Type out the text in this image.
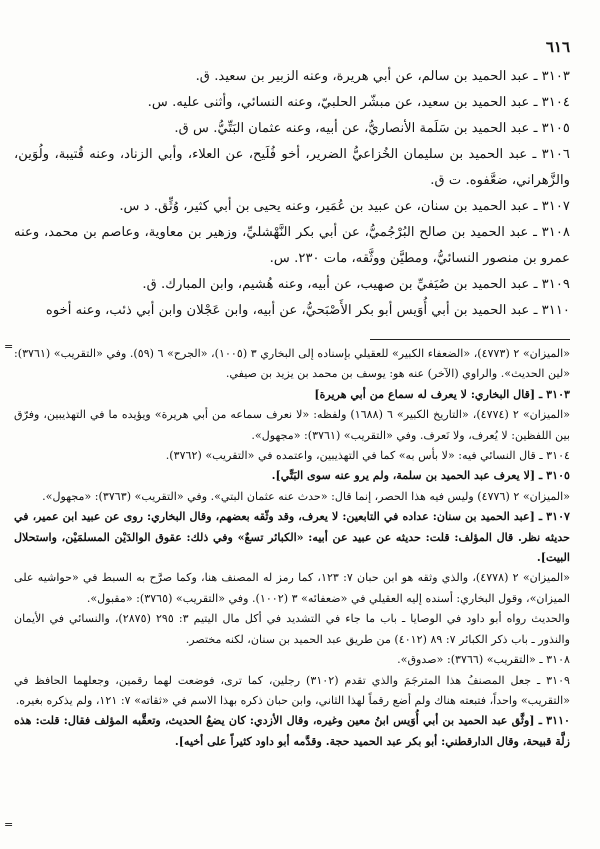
٦١٦

٣١٠٣ ـ عبد الحميد بن سالم، عن أبي هريرة، وعنه الزبير بن سعيد. ق.

٣١٠٤ ـ عبد الحميد بن سعيد، عن مبشّر الحلبيّ، وعنه النسائي، وأثنى عليه. س.

٣١٠٥ ـ عبد الحميد بن سَلَمة الأنصاريُّ، عن أبيه، وعنه عثمان البَتِّيُّ. س ق.

٣١٠٦ ـ عبد الحميد بن سليمان الخُزاعيُّ الضرير، أخو فُلَيح، عن العلاء، وأبي الزناد، وعنه قُتيبة، ولُوَين، والزَّهراني، ضعَّفوه. ت ق.

٣١٠٧ ـ عبد الحميد بن سنان، عن عبيد بن عُمَير، وعنه يحيى بن أبي كثير، وُثِّق. د س.

٣١٠٨ ـ عبد الحميد بن صالح البُرْجُميُّ، عن أبي بكر النَّهْشليِّ، وزهير بن معاوية، وعاصم بن محمد، وعنه عمرو بن منصور النسائيُّ، ومطيَّن ووثَّقه، مات ٢٣٠. س.

٣١٠٩ ـ عبد الحميد بن صُيَفيِّ بن صهيب، عن أبيه، وعنه هُشيم، وابن المبارك. ق.

٣١١٠ ـ عبد الحميد بن أبي أُوَيس أبو بكر الأَصْبَحيُّ، عن أبيه، وابن عَجْلان وابن أبي ذئب، وعنه أخوه

=

«الميزان» ٢ (٤٧٧٣)، «الضعفاء الكبير» للعقيلي بإسناده إلى البخاري ٣ (١٠٠٥)، «الجرح» ٦ (٥٩). وفي «التقريب» (٣٧٦١): «لين الحديث». والراوي (الآخر) عنه هو: يوسف بن محمد بن يزيد بن صيفي.

٣١٠٣ ـ [قال البخاري: لا يعرف له سماع من أبي هريرة]

«الميزان» ٢ (٤٧٧٤)، «التاريخ الكبير» ٦ (١٦٨٨) ولفظه: «لا نعرف سماعه من أبي هريرة» ويؤيده ما في التهذيبين، وفرّق بين اللفظين: لا يُعرف، ولا نَعرف. وفي «التقريب» (٣٧٦١): «مجهول».

٣١٠٤ ـ قال النسائي فيه: «لا بأس به» كما في التهذيبين، واعتمده في «التقريب» (٣٧٦٢).

٣١٠٥ ـ [لا يعرف عبد الحميد بن سلمة، ولم يرو عنه سوى البَتِّي].

«الميزان» ٢ (٤٧٧٦) وليس فيه هذا الحصر، إنما قال: «حدث عنه عثمان البتي». وفي «التقريب» (٣٧٦٣): «مجهول».

٣١٠٧ ـ [عبد الحميد بن سنان: عداده في التابعين: لا يعرف، وقد وثّقه بعضهم، وقال البخاري: روى عن عبيد ابن عمير، في حديثه نظر. قال المؤلف: قلت: حديثه عن عبيد عن أبيه: «الكبائر تسعٌ» وفي ذلك: عقوق الوالدَيْن المسلمَيْن، واستحلال البيت].

«الميزان» ٢ (٤٧٧٨)، والذي وثقه هو ابن حبان ٧: ١٢٣، كما رمز له المصنف هنا، وكما صرَّح به السبط في «حواشيه على الميزان»، وقول البخاري: أسنده إليه العقيلي في «ضعفائه» ٣ (١٠٠٢). وفي «التقريب» (٣٧٦٥): «مقبول».

والحديث رواه أبو داود في الوصايا ـ باب ما جاء في التشديد في أكل مال اليتيم ٣: ٢٩٥ (٢٨٧٥)، والنسائي في الأيمان والنذور ـ باب ذكر الكبائر ٧: ٨٩ (٤٠١٢) من طريق عبد الحميد بن سنان، لكنه مختصر.

٣١٠٨ ـ «التقريب» (٣٧٦٦): «صدوق».

٣١٠٩ ـ جعل المصنفُ هذا المترجَمَ والذي تقدم (٣١٠٢) رجلين، كما ترى، فوضعت لهما رقمين، وجعلهما الحافظ في «التقريب» واحداً، فتبعته هناك ولم أضع رقماً لهذا الثاني، وابن حبان ذكره بهذا الاسم في «ثقاته» ٧: ١٢١، ولم يذكره بغيره.

٣١١٠ ـ [وثَّق عبد الحميد بن أبي أُوَيس ابنُ معين وغيره، وقال الأزدي: كان يضعُ الحديث، وتعقَّبه المؤلف فقال: قلت: هذه زلَّة قبيحة، وقال الدارقطني: أبو بكر عبد الحميد حجة. وقدَّمه أبو داود كثيراً على أخيه].

=
